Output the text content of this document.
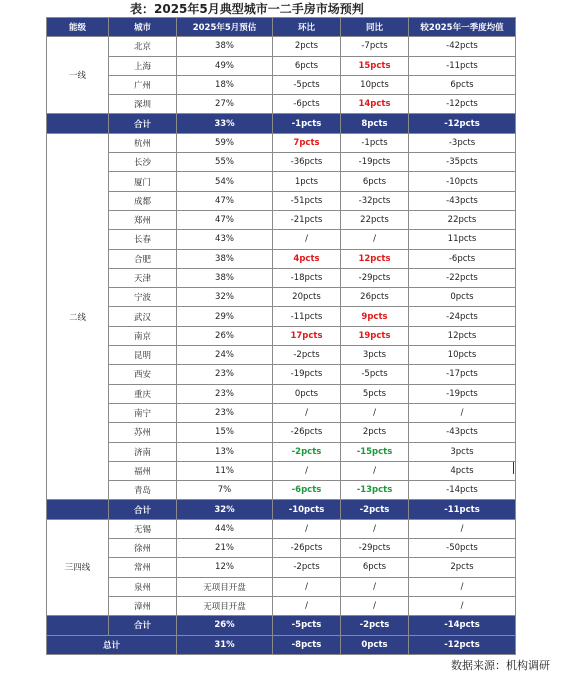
表：2025年5月典型城市一二手房市场预判
能级	城市	2025年5月预估	环比	同比	较2025年一季度均值
一线	北京	38%	2pcts	-7pcts	-42pcts
	上海	49%	6pcts	15pcts	-11pcts
	广州	18%	-5pcts	10pcts	6pcts
	深圳	27%	-6pcts	14pcts	-12pcts
	合计	33%	-1pcts	8pcts	-12pcts
二线	杭州	59%	7pcts	-1pcts	-3pcts
	长沙	55%	-36pcts	-19pcts	-35pcts
	厦门	54%	1pcts	6pcts	-10pcts
	成都	47%	-51pcts	-32pcts	-43pcts
	郑州	47%	-21pcts	22pcts	22pcts
	长春	43%	/	/	11pcts
	合肥	38%	4pcts	12pcts	-6pcts
	天津	38%	-18pcts	-29pcts	-22pcts
	宁波	32%	20pcts	26pcts	0pcts
	武汉	29%	-11pcts	9pcts	-24pcts
	南京	26%	17pcts	19pcts	12pcts
	昆明	24%	-2pcts	3pcts	10pcts
	西安	23%	-19pcts	-5pcts	-17pcts
	重庆	23%	0pcts	5pcts	-19pcts
	南宁	23%	/	/	/
	苏州	15%	-26pcts	2pcts	-43pcts
	济南	13%	-2pcts	-15pcts	3pcts
	福州	11%	/	/	4pcts
	青岛	7%	-6pcts	-13pcts	-14pcts
	合计	32%	-10pcts	-2pcts	-11pcts
三四线	无锡	44%	/	/	/
	徐州	21%	-26pcts	-29pcts	-50pcts
	常州	12%	-2pcts	6pcts	2pcts
	泉州	无项目开盘	/	/	/
	漳州	无项目开盘	/	/	/
	合计	26%	-5pcts	-2pcts	-14pcts
总计		31%	-8pcts	0pcts	-12pcts
数据来源：机构调研
